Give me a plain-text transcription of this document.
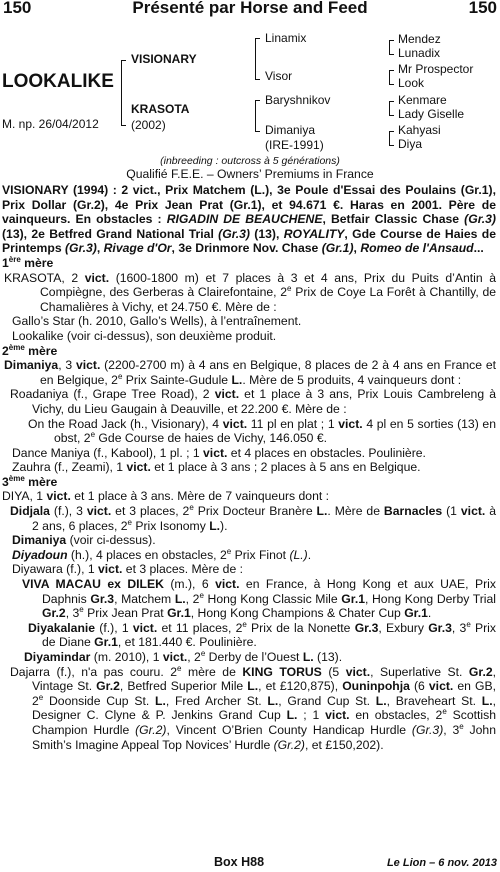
150	Présenté par Horse and Feed	150
LOOKALIKE
M. np. 26/04/2012
VISIONARY
KRASOTA
(2002)
Linamix
Visor
Baryshnikov
Dimaniya
(IRE-1991)
Mendez
Lunadix
Mr Prospector
Look
Kenmare
Lady Giselle
Kahyasi
Diya
(inbreeding : outcross à 5 générations)
Qualifié F.E.E. – Owners’ Premiums in France

VISIONARY (1994) : 2 vict., Prix Matchem (L.), 3e Poule d'Essai des Poulains (Gr.1), Prix Dollar (Gr.2), 4e Prix Jean Prat (Gr.1), et 94.671 €. Haras en 2001. Père de vainqueurs. En obstacles : RIGADIN DE BEAUCHENE, Betfair Classic Chase (Gr.3) (13), 2e Betfred Grand National Trial (Gr.3) (13), ROYALITY, Gde Course de Haies de Printemps (Gr.3), Rivage d'Or, 3e Drinmore Nov. Chase (Gr.1), Romeo de l'Ansaud...

1ère mère

KRASOTA, 2 vict. (1600-1800 m) et 7 places à 3 et 4 ans, Prix du Puits d’Antin à Compiègne, des Gerberas à Clairefontaine, 2e Prix de Coye La Forêt à Chantilly, de Chamalières à Vichy, et 24.750 €. Mère de :

Gallo’s Star (h. 2010, Gallo’s Wells), à l’entraînement.

Lookalike (voir ci-dessus), son deuxième produit.

2ème mère

Dimaniya, 3 vict. (2200-2700 m) à 4 ans en Belgique, 8 places de 2 à 4 ans en France et en Belgique, 2e Prix Sainte-Gudule L.. Mère de 5 produits, 4 vainqueurs dont :

Roadaniya (f., Grape Tree Road), 2 vict. et 1 place à 3 ans, Prix Louis Cambreleng à Vichy, du Lieu Gaugain à Deauville, et 22.200 €. Mère de :

On the Road Jack (h., Visionary), 4 vict. 11 pl en plat ; 1 vict. 4 pl en 5 sorties (13) en obst, 2e Gde Course de haies de Vichy, 146.050 €.

Dance Maniya (f., Kabool), 1 pl. ; 1 vict. et 4 places en obstacles. Poulinière.

Zauhra (f., Zeami), 1 vict. et 1 place à 3 ans ; 2 places à 5 ans en Belgique.

3ème mère

DIYA, 1 vict. et 1 place à 3 ans. Mère de 7 vainqueurs dont :

Didjala (f.), 3 vict. et 3 places, 2e Prix Docteur Branère L.. Mère de Barnacles (1 vict. à 2 ans, 6 places, 2e Prix Isonomy L.).

Dimaniya (voir ci-dessus).

Diyadoun (h.), 4 places en obstacles, 2e Prix Finot (L.).

Diyawara (f.), 1 vict. et 3 places. Mère de :

VIVA MACAU ex DILEK (m.), 6 vict. en France, à Hong Kong et aux UAE, Prix Daphnis Gr.3, Matchem L., 2e Hong Kong Classic Mile Gr.1, Hong Kong Derby Trial Gr.2, 3e Prix Jean Prat Gr.1, Hong Kong Champions & Chater Cup Gr.1.

Diyakalanie (f.), 1 vict. et 11 places, 2e Prix de la Nonette Gr.3, Exbury Gr.3, 3e Prix de Diane Gr.1, et 181.440 €. Poulinière.

Diyamindar (m. 2010), 1 vict., 2e Derby de l’Ouest L. (13).

Dajarra (f.), n'a pas couru. 2e mère de KING TORUS (5 vict., Superlative St. Gr.2, Vintage St. Gr.2, Betfred Superior Mile L., et £120,875), Ouninpohja (6 vict. en GB, 2e Doonside Cup St. L., Fred Archer St. L., Grand Cup St. L., Braveheart St. L., Designer C. Clyne & P. Jenkins Grand Cup L. ; 1 vict. en obstacles, 2e Scottish Champion Hurdle (Gr.2), Vincent O’Brien County Handicap Hurdle (Gr.3), 3e John Smith’s Imagine Appeal Top Novices’ Hurdle (Gr.2), et £150,202).

Box H88	Le Lion – 6 nov. 2013
